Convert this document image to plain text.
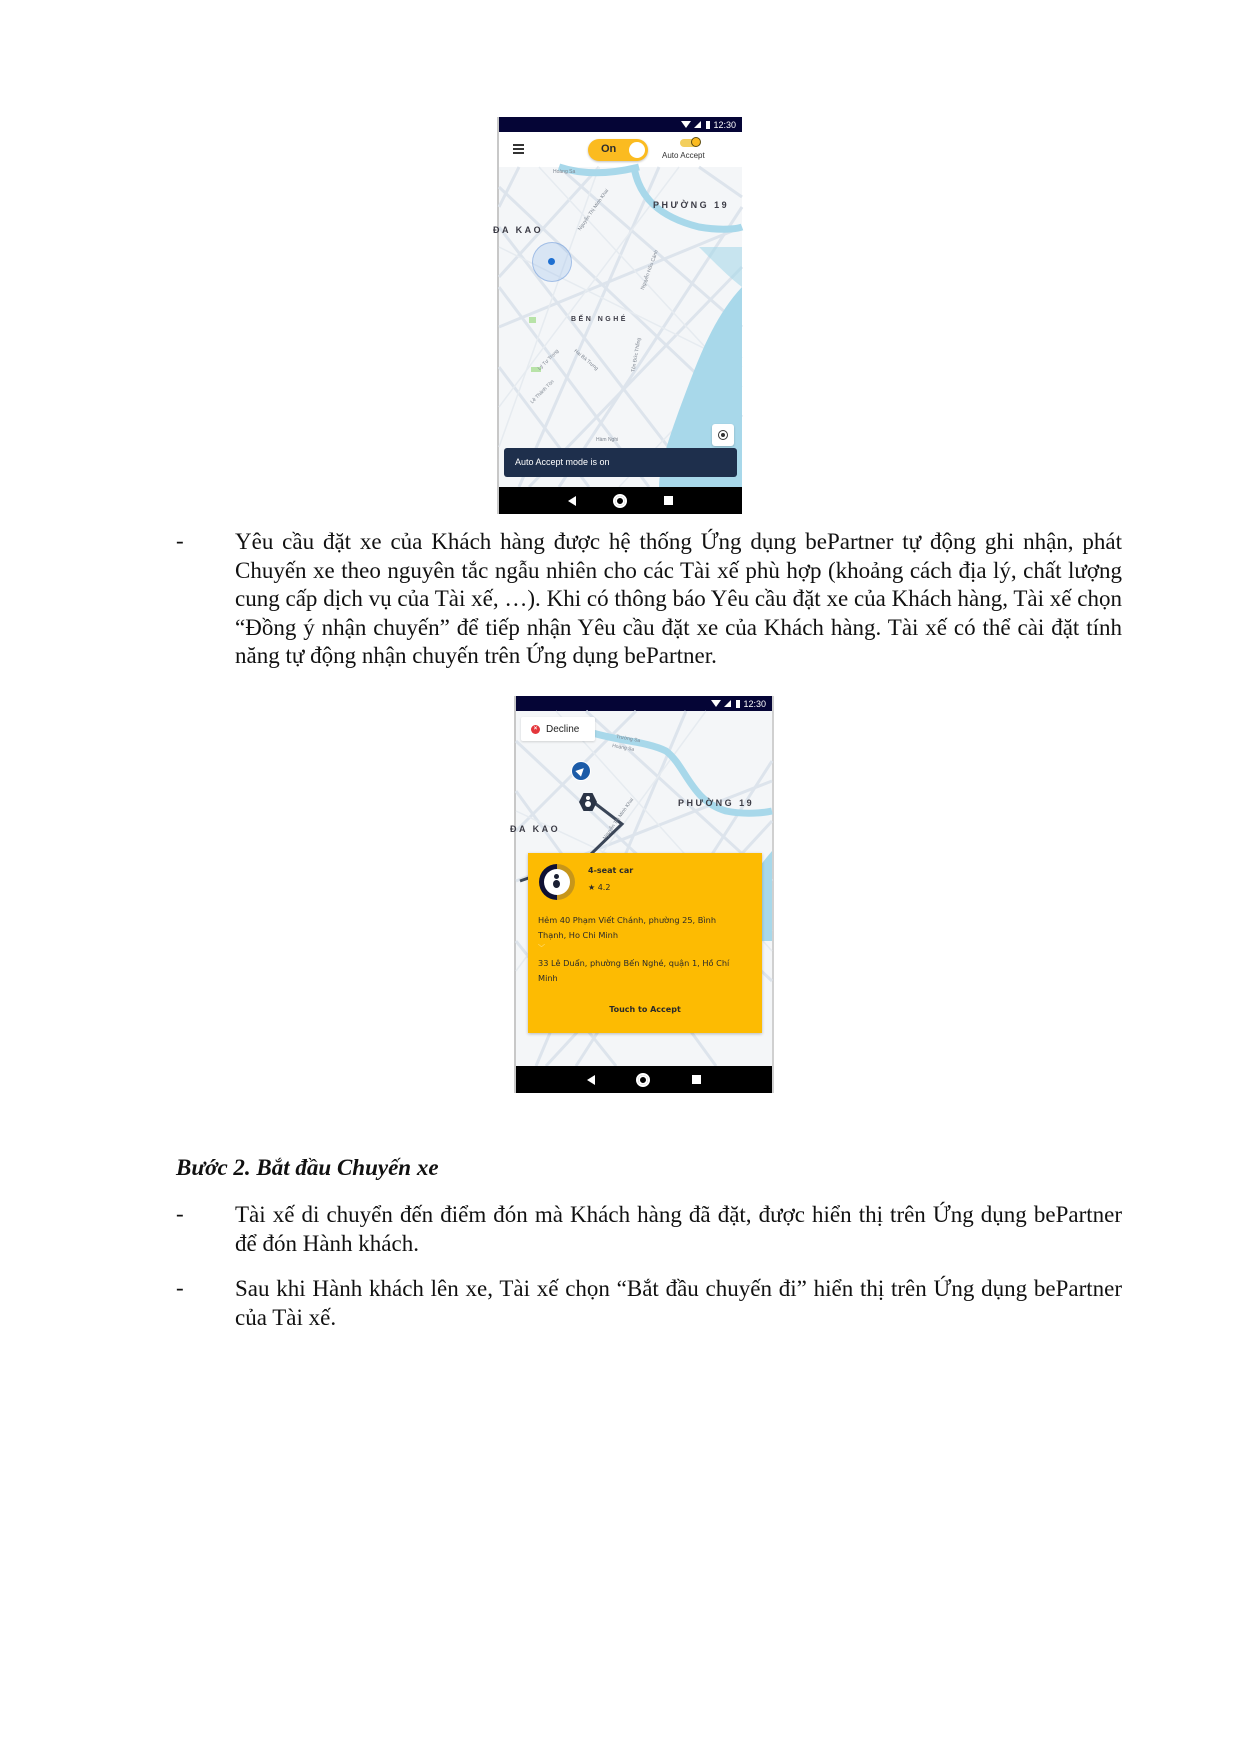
12:30
On
Auto Accept
PHƯỜNG 19
ĐA KAO
BẾN NGHÉ
Hoàng Sa
Nguyễn Thị Minh Khai
Nguyễn Hữu Cảnh
Lý Tự Trọng Hai Bà Trưng
Lê Thánh Tôn
Tôn Đức Thắng
Hàm Nghi
Auto Accept mode is on
- Yêu cầu đặt xe của Khách hàng được hệ thống Ứng dụng bePartner tự động ghi nhận, phát Chuyến xe theo nguyên tắc ngẫu nhiên cho các Tài xế phù hợp (khoảng cách địa lý, chất lượng cung cấp dịch vụ của Tài xế, …). Khi có thông báo Yêu cầu đặt xe của Khách hàng, Tài xế chọn “Đồng ý nhận chuyến” để tiếp nhận Yêu cầu đặt xe của Khách hàng. Tài xế có thể cài đặt tính năng tự động nhận chuyến trên Ứng dụng bePartner.
12:30
PHƯỜNG 19
ĐA KAO
Trường Sa
Hoàng Sa
Nguyễn Thị Minh Khai
× Decline
4-seat car
★ 4.2
Hẻm 40 Phạm Viết Chánh, phường 25, Bình Thạnh, Ho Chi Minh
﹀
33 Lê Duẩn, phường Bến Nghé, quận 1, Hồ Chí Minh
Touch to Accept
Bước 2. Bắt đầu Chuyến xe
- Tài xế di chuyển đến điểm đón mà Khách hàng đã đặt, được hiển thị trên Ứng dụng bePartner để đón Hành khách.
- Sau khi Hành khách lên xe, Tài xế chọn “Bắt đầu chuyến đi” hiển thị trên Ứng dụng bePartner của Tài xế.
